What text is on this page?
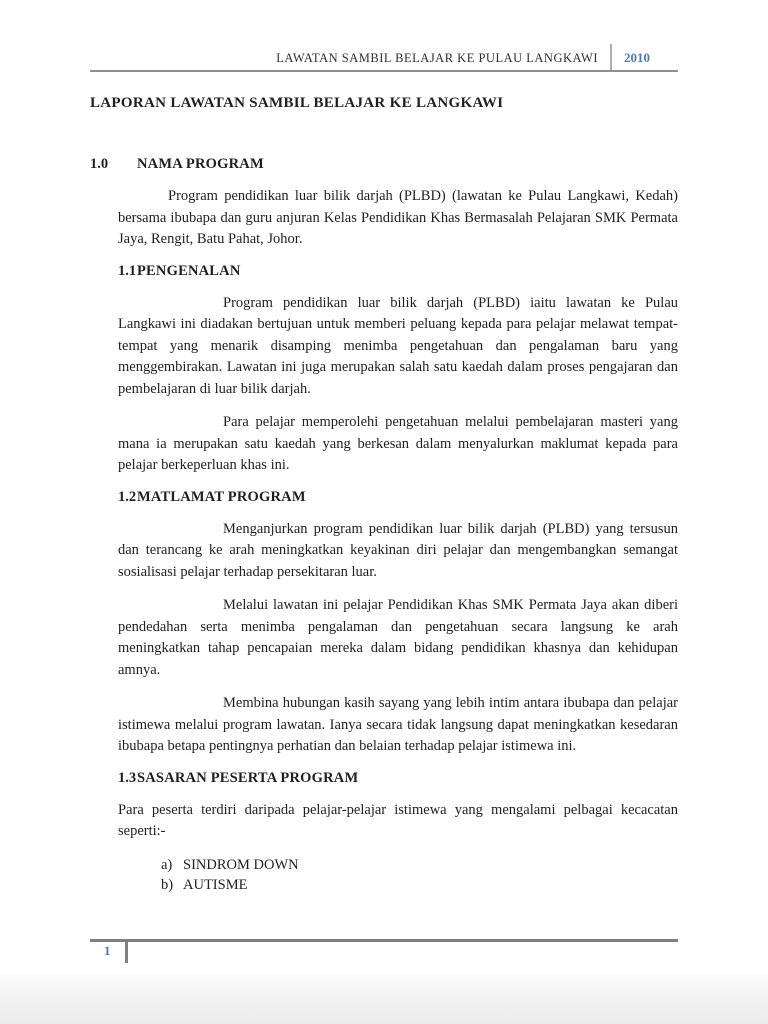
LAWATAN SAMBIL BELAJAR KE PULAU LANGKAWI 2010
LAPORAN LAWATAN SAMBIL BELAJAR KE LANGKAWI
1.0 NAMA PROGRAM

Program pendidikan luar bilik darjah (PLBD) (lawatan ke Pulau Langkawi, Kedah) bersama ibubapa dan guru anjuran Kelas Pendidikan Khas Bermasalah Pelajaran SMK Permata Jaya, Rengit, Batu Pahat, Johor.

1.1 PENGENALAN

Program pendidikan luar bilik darjah (PLBD) iaitu lawatan ke Pulau Langkawi ini diadakan bertujuan untuk memberi peluang kepada para pelajar melawat tempat-tempat yang menarik disamping menimba pengetahuan dan pengalaman baru yang menggembirakan. Lawatan ini juga merupakan salah satu kaedah dalam proses pengajaran dan pembelajaran di luar bilik darjah.

Para pelajar memperolehi pengetahuan melalui pembelajaran masteri yang mana ia merupakan satu kaedah yang berkesan dalam menyalurkan maklumat kepada para pelajar berkeperluan khas ini.

1.2 MATLAMAT PROGRAM

Menganjurkan program pendidikan luar bilik darjah (PLBD) yang tersusun dan terancang ke arah meningkatkan keyakinan diri pelajar dan mengembangkan semangat sosialisasi pelajar terhadap persekitaran luar.

Melalui lawatan ini pelajar Pendidikan Khas SMK Permata Jaya akan diberi pendedahan serta menimba pengalaman dan pengetahuan secara langsung ke arah meningkatkan tahap pencapaian mereka dalam bidang pendidikan khasnya dan kehidupan amnya.

Membina hubungan kasih sayang yang lebih intim antara ibubapa dan pelajar istimewa melalui program lawatan. Ianya secara tidak langsung dapat meningkatkan kesedaran ibubapa betapa pentingnya perhatian dan belaian terhadap pelajar istimewa ini.

1.3 SASARAN PESERTA PROGRAM

Para peserta terdiri daripada pelajar-pelajar istimewa yang mengalami pelbagai kecacatan seperti:-

a) SINDROM DOWN
b) AUTISME
1
